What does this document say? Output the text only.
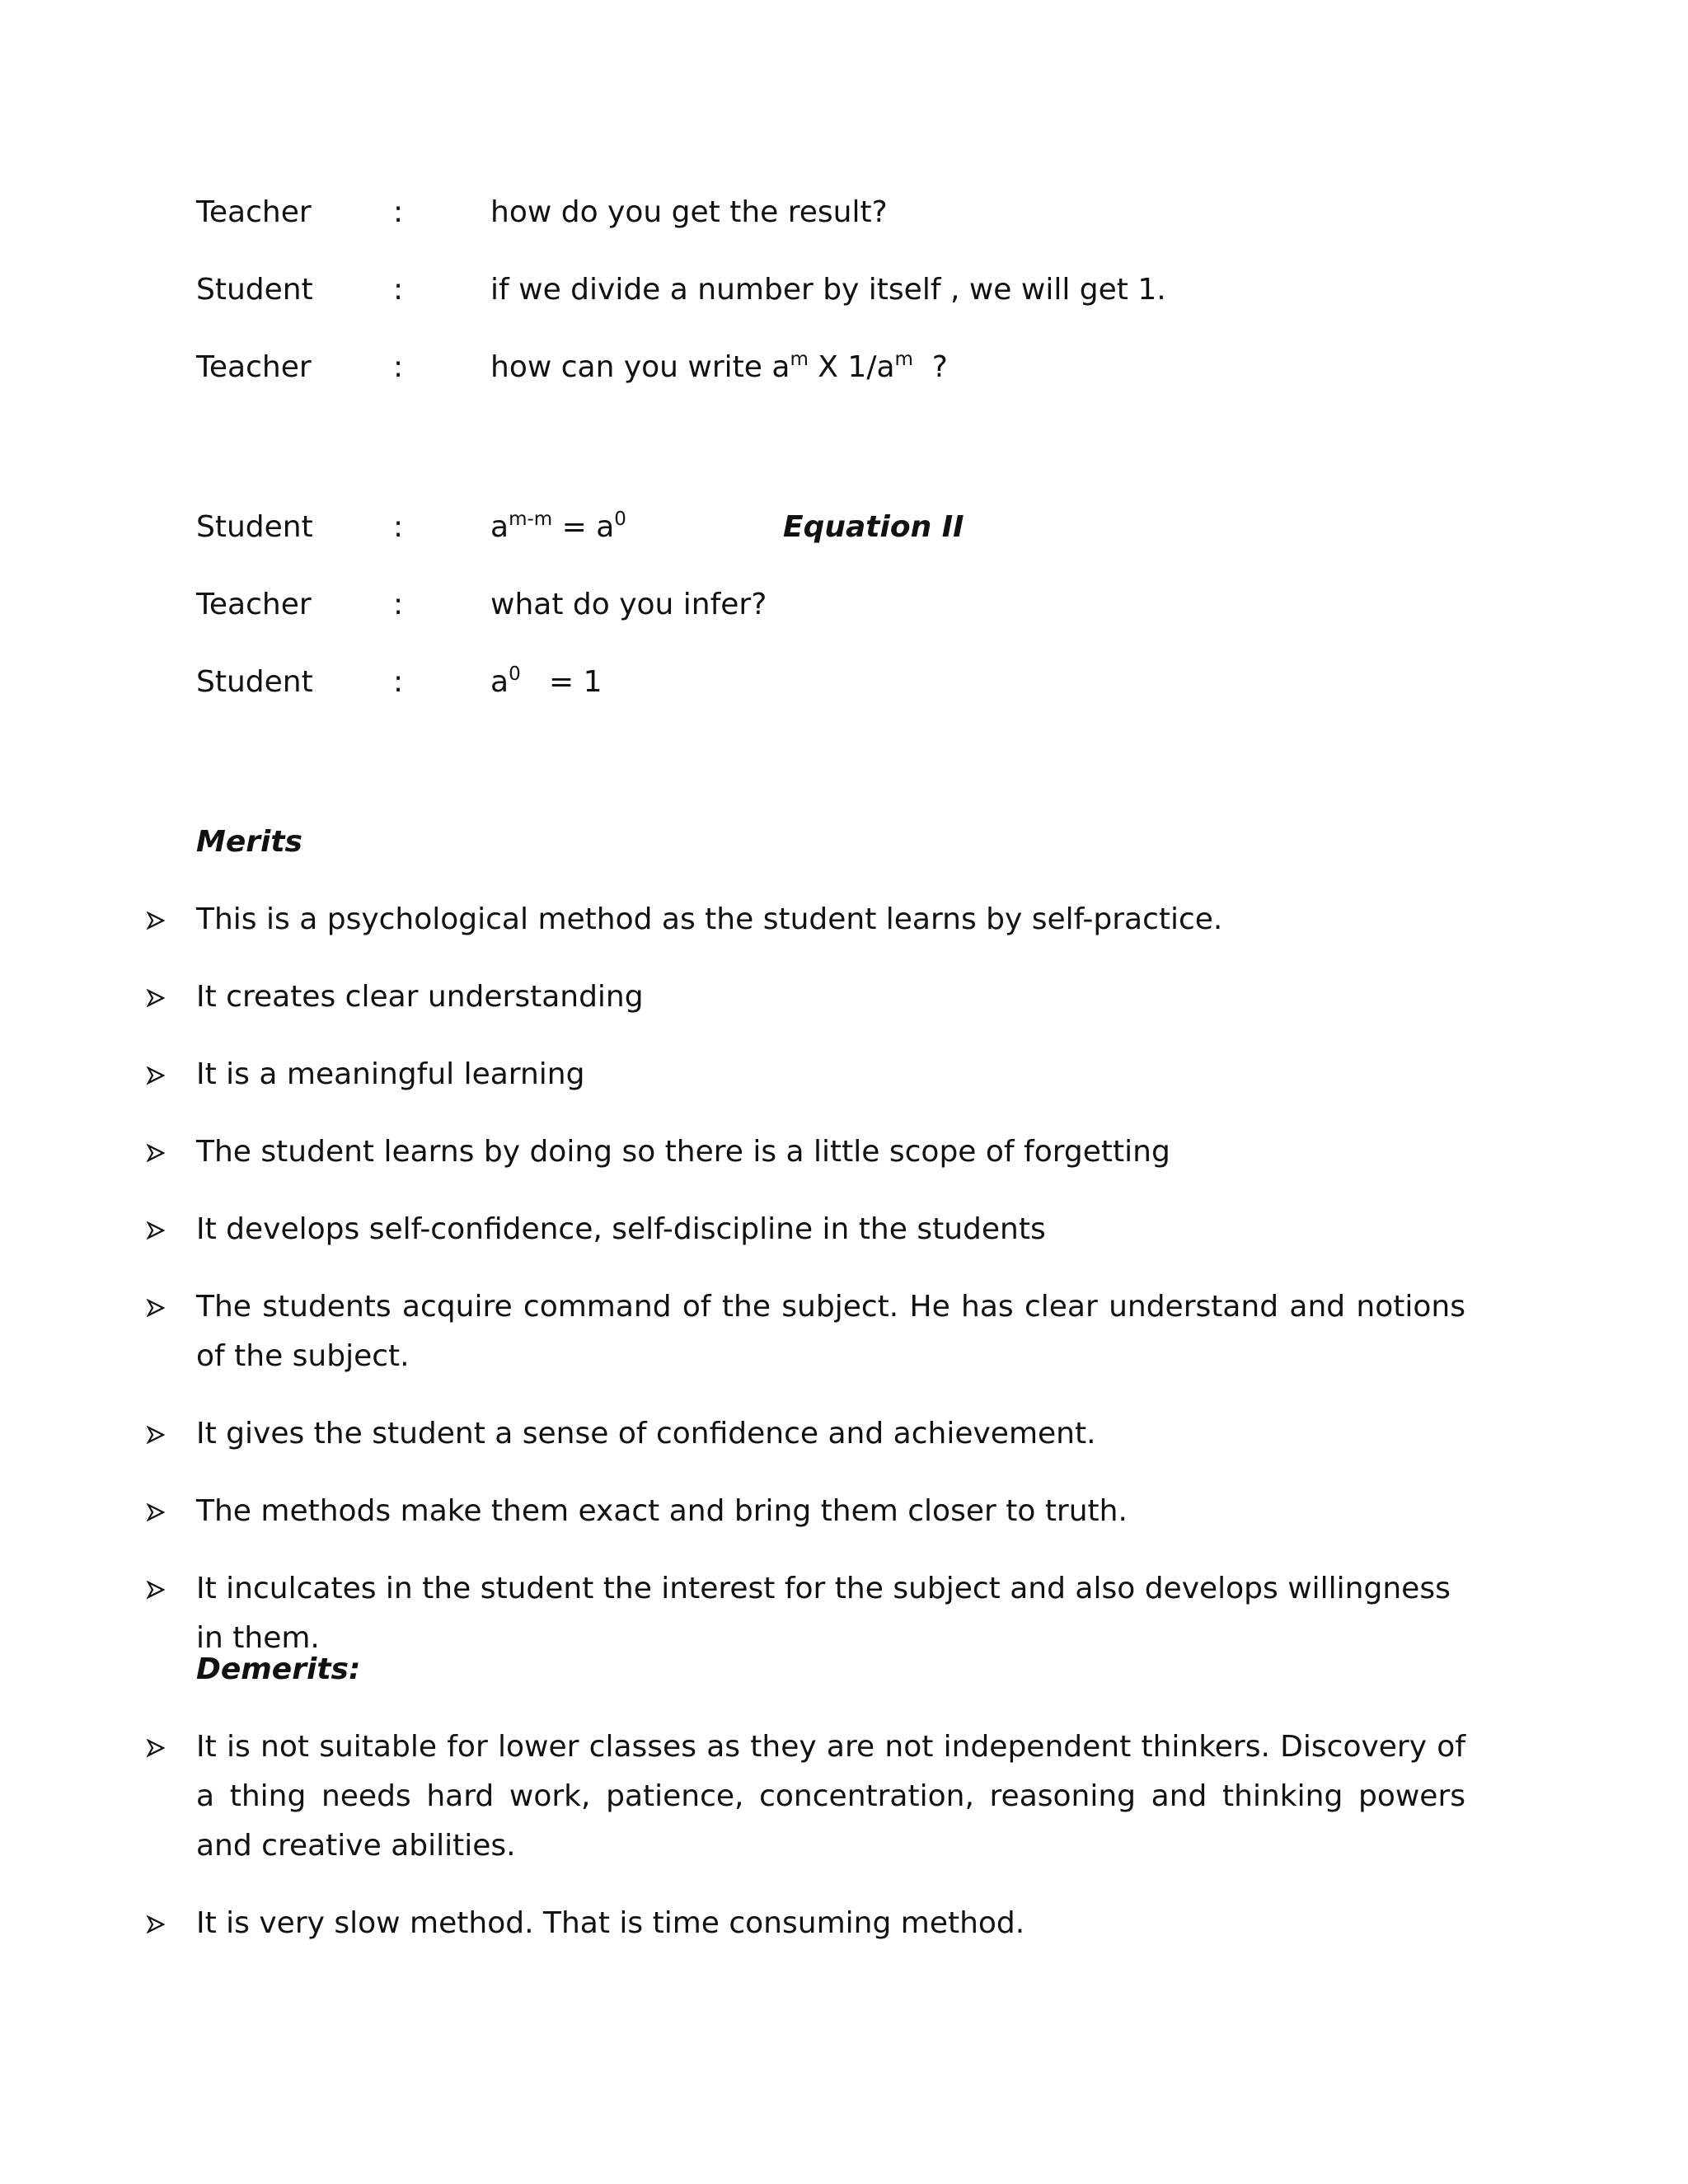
Teacher	:	how do you get the result?
Student	:	if we divide a number by itself , we will get 1.
Teacher	:	how can you write $a^m$ X $1/a^m$  ?
Student	:	$a^{m-m} = a^0$	Equation II
Teacher	:	what do you infer?
Student	:	$a^0 = 1$
Merits
This is a psychological method as the student learns by self-practice.
It creates clear understanding
It is a meaningful learning
The student learns by doing so there is a little scope of forgetting
It develops self-confidence, self-discipline in the students
The students acquire command of the subject. He has clear understand and notions of the subject.
It gives the student a sense of confidence and achievement.
The methods make them exact and bring them closer to truth.
It inculcates in the student the interest for the subject and also develops willingness in them.
Demerits:
It is not suitable for lower classes as they are not independent thinkers. Discovery of a thing needs hard work, patience, concentration, reasoning and thinking powers and creative abilities.
It is very slow method. That is time consuming method.
